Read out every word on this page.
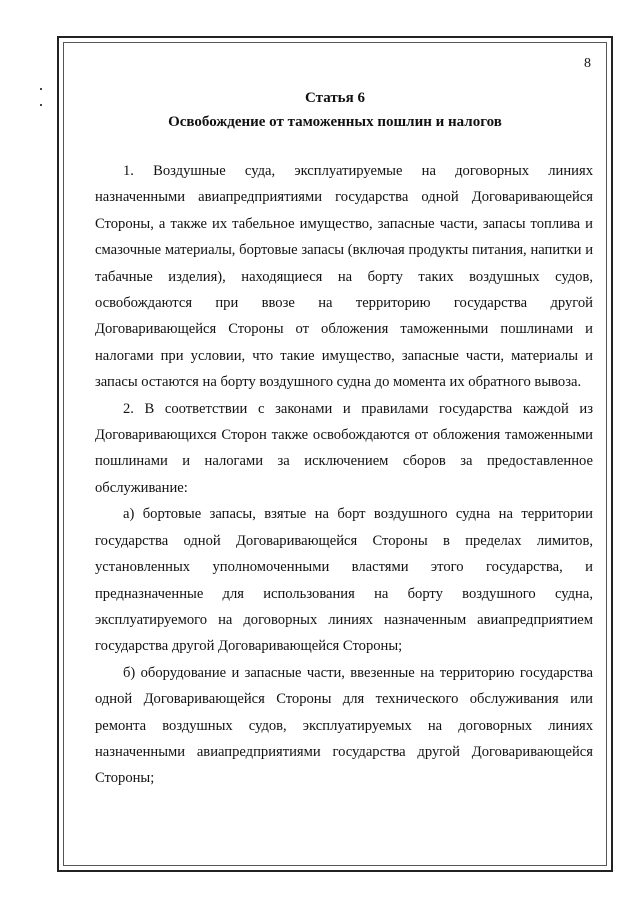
8
Статья 6
Освобождение от таможенных пошлин и налогов

1. Воздушные суда, эксплуатируемые на договорных линиях назначенными авиапредприятиями государства одной Договаривающейся Стороны, а также их табельное имущество, запасные части, запасы топлива и смазочные материалы, бортовые запасы (включая продукты питания, напитки и табачные изделия), находящиеся на борту таких воздушных судов, освобождаются при ввозе на территорию государства другой Договаривающейся Стороны от обложения таможенными пошлинами и налогами при условии, что такие имущество, запасные части, материалы и запасы остаются на борту воздушного судна до момента их обратного вывоза.

2. В соответствии с законами и правилами государства каждой из Договаривающихся Сторон также освобождаются от обложения таможенными пошлинами и налогами за исключением сборов за предоставленное обслуживание:

а) бортовые запасы, взятые на борт воздушного судна на территории государства одной Договаривающейся Стороны в пределах лимитов, установленных уполномоченными властями этого государства, и предназначенные для использования на борту воздушного судна, эксплуатируемого на договорных линиях назначенным авиапредприятием государства другой Договаривающейся Стороны;

б) оборудование и запасные части, ввезенные на территорию государства одной Договаривающейся Стороны для технического обслуживания или ремонта воздушных судов, эксплуатируемых на договорных линиях назначенными авиапредприятиями государства другой Договаривающейся Стороны;
